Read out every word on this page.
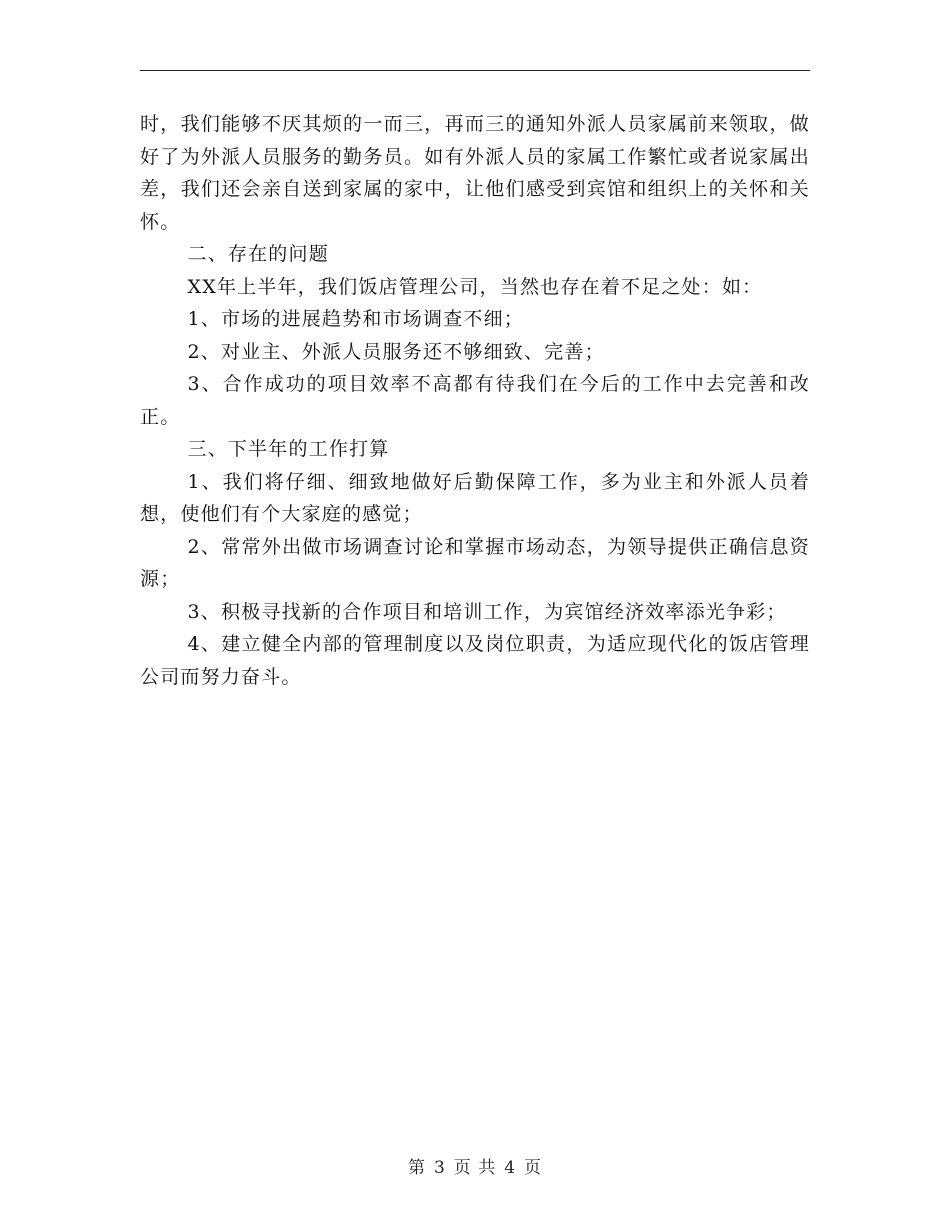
时，我们能够不厌其烦的一而三，再而三的通知外派人员家属前来领取，做好了为外派人员服务的勤务员。如有外派人员的家属工作繁忙或者说家属出差，我们还会亲自送到家属的家中，让他们感受到宾馆和组织上的关怀和关怀。

二、存在的问题

XX年上半年，我们饭店管理公司，当然也存在着不足之处：如：

1、市场的进展趋势和市场调查不细；

2、对业主、外派人员服务还不够细致、完善；

3、合作成功的项目效率不高都有待我们在今后的工作中去完善和改正。

三、下半年的工作打算

1、我们将仔细、细致地做好后勤保障工作，多为业主和外派人员着想，使他们有个大家庭的感觉；

2、常常外出做市场调查讨论和掌握市场动态，为领导提供正确信息资源；

3、积极寻找新的合作项目和培训工作，为宾馆经济效率添光争彩；

4、建立健全内部的管理制度以及岗位职责，为适应现代化的饭店管理公司而努力奋斗。

第 3 页 共 4 页
